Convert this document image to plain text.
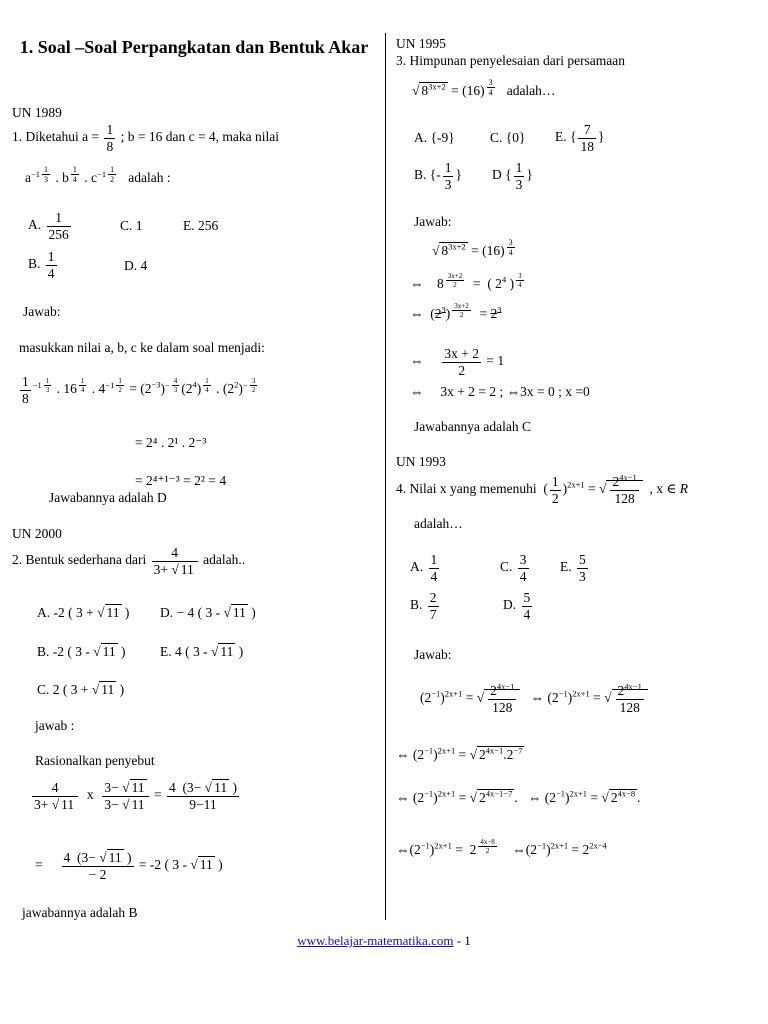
1. Soal –Soal Perpangkatan dan Bentuk Akar
UN 1989
1. Diketahui $a = \frac{1}{8}$ ; b = 16 dan c = 4, maka nilai
$a^{-1 \frac{1}{3}}$ . b $^{\frac{1}{4}}$ . $c^{-1 \frac{1}{2}}$ adalah :
A. $\frac{1}{256}$	C. 1	E. 256
B. $\frac{1}{4}$	D. 4
Jawab:
masukkan nilai a, b, c ke dalam soal menjadi:
$\frac{1}{8} ^{-1 \frac{1}{3}}$ . 16 $^{\frac{1}{4}}$ . $4^{-1 \frac{1}{2}} = (2^{-3})^{- \frac{4}{3}}$ $(2^4)$ $^{\frac{1}{4}}$ . $(2^2)^{- \frac{3}{2}}$
= 2⁴ . 2¹ . 2⁻³
= 2⁴⁺¹⁻³ = 2² = 4
Jawabannya adalah D
UN 2000
2. Bentuk sederhana dari $\frac{4}{3+ √ 11}$ adalah..
A. -2 ( 3 + √ 11 ) D. − 4 ( 3 - √ 11 )
B. -2 ( 3 - √ 11 )	E. 4 ( 3 - √ 11 )
C. 2 ( 3 + √ 11 )
jawab :
Rasionalkan penyebut
$\frac{4}{3+ √ 11}$ x $\frac{3- √ 11}{3- √ 11} = \frac{4 (3- √ 11 )}{9-11}$
= $\frac{4 (3- √ 11 )}{- 2} = -2$ ( 3 - √ 11 )
jawabannya adalah B
UN 1995
3. Himpunan penyelesaian dari persamaan
√ $8^{3x+2} = (16)$ $^{\frac{3}{4}}$ adalah…
A. {-9}	C. {0} E. { $\frac{7}{18}$ }
B. {- $\frac{1}{3}$ } D { $\frac{1}{3}$ }
Jawab:
√ $8^{3x+2} = (16)$ $^{\frac{3}{4}}$
⇔    8 $^{\frac{3x+2}{2}}$ =  ( $2^4$ ) $^{\frac{3}{4}}$
⇔  $(2^3) ^{\frac{3x+2}{2}} = 2^3$
⇔ $\frac{3x + 2}{2} = 1$
⇔     3x + 2 = 2 ; ⇔3x = 0 ; x =0
Jawabannya adalah C
UN 1993
4. Nilai x yang memenuhi  ( $\frac{1}{2} )^{2x+1}$ = √ $\frac{2^{4x-1}}{128}$ , x ∈ R
adalah…
A. $\frac{1}{4}$	C. $\frac{3}{4} E$. $\frac{5}{3}$
B. $\frac{2}{7}$	D. $\frac{5}{4}$
Jawab:
$(2^{-1})^{2x+1}$ = √ $\frac{2^{4x-1}}{128}$ ⇔ $(2^{-1})^{2x+1}$ = √ $\frac{2^{4x-1}}{128}$
⇔ $(2^{-1})^{2x+1}$ = √ $2^{4x-1}.2^{-7}$
⇔ $(2^{-1})^{2x+1}$ = √ $2^{4x-1-7}$ .   ⇔ $(2^{-1})^{2x+1}$ = √ $2^{4x-8}$ .
$\Leftrightarrow(2^{-1})^{2x+1} = 2$ $^{\frac{4x-8}{2}}$ $\Leftrightarrow(2^{-1})^{2x+1} = 2^{2x-4}$
www.belajar-matematika.com - 1
